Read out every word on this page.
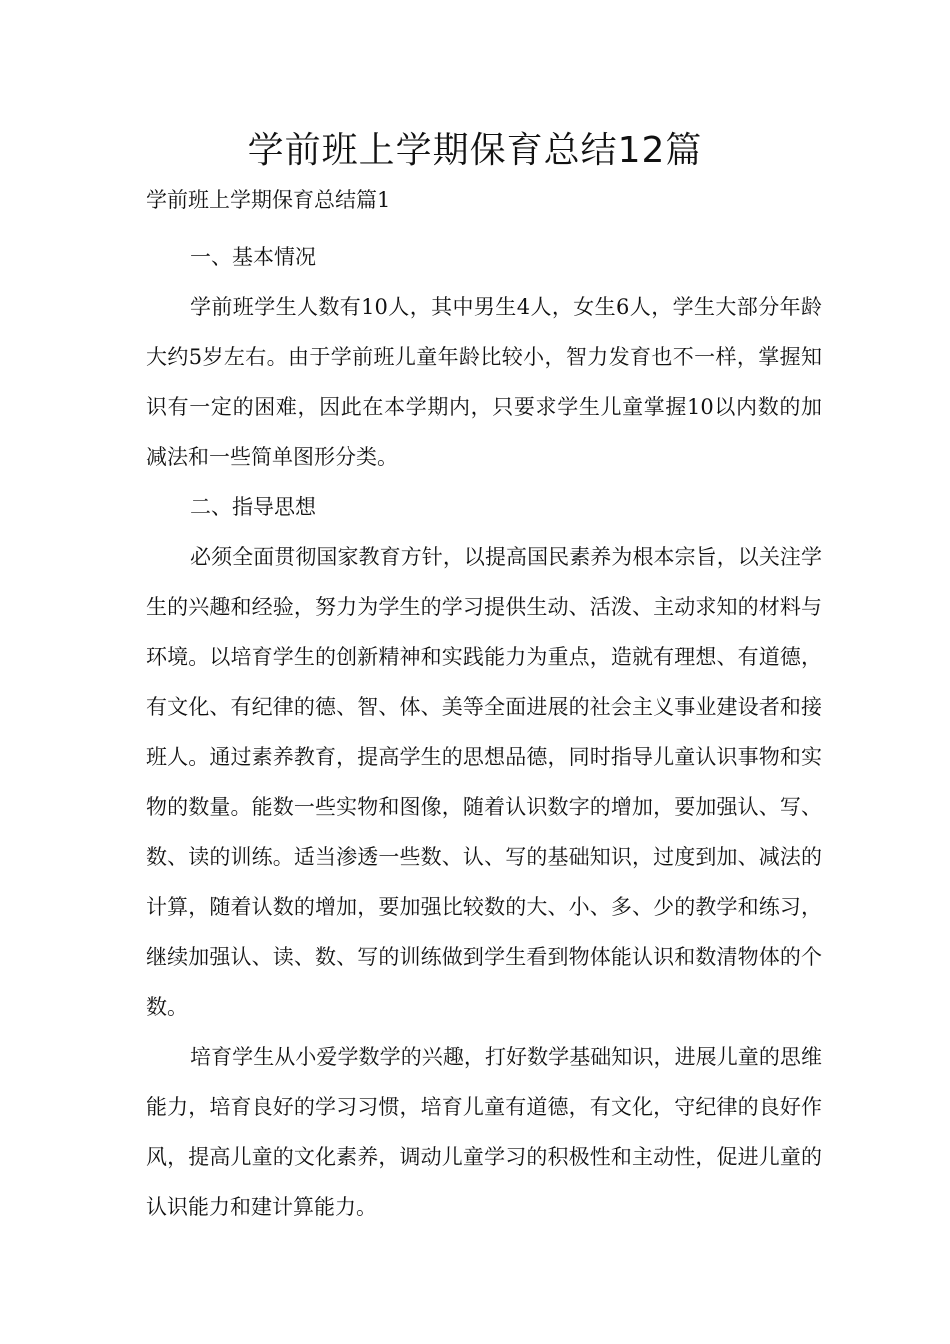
学前班上学期保育总结12篇
学前班上学期保育总结篇1

一、基本情况

学前班学生人数有10人，其中男生4人，女生6人，学生大部分年龄大约5岁左右。由于学前班儿童年龄比较小，智力发育也不一样，掌握知识有一定的困难，因此在本学期内，只要求学生儿童掌握10以内数的加减法和一些简单图形分类。

二、指导思想

必须全面贯彻国家教育方针，以提高国民素养为根本宗旨，以关注学生的兴趣和经验，努力为学生的学习提供生动、活泼、主动求知的材料与环境。以培育学生的创新精神和实践能力为重点，造就有理想、有道德，有文化、有纪律的德、智、体、美等全面进展的社会主义事业建设者和接班人。通过素养教育，提高学生的思想品德，同时指导儿童认识事物和实物的数量。能数一些实物和图像，随着认识数字的增加，要加强认、写、数、读的训练。适当渗透一些数、认、写的基础知识，过度到加、减法的计算，随着认数的增加，要加强比较数的大、小、多、少的教学和练习，继续加强认、读、数、写的训练做到学生看到物体能认识和数清物体的个数。

培育学生从小爱学数学的兴趣，打好数学基础知识，进展儿童的思维能力，培育良好的学习习惯，培育儿童有道德，有文化，守纪律的良好作风，提高儿童的文化素养，调动儿童学习的积极性和主动性，促进儿童的认识能力和建计算能力。
